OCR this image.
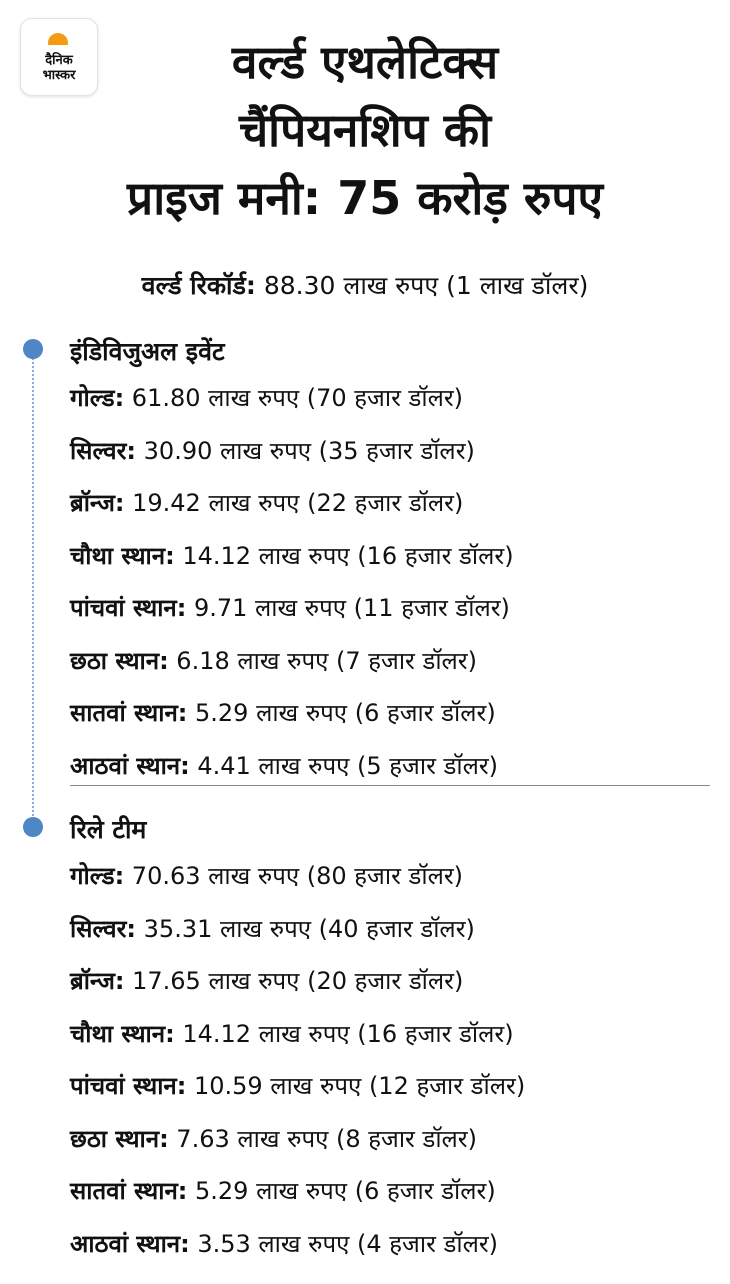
दैनिक
भास्कर	वर्ल्ड एथलेटिक्स
चैंपियनशिप की
प्राइज मनी: 75 करोड़ रुपए
वर्ल्ड रिकॉर्ड: 88.30 लाख रुपए (1 लाख डॉलर)
इंडिविजुअल इवेंट
गोल्ड: 61.80 लाख रुपए (70 हजार डॉलर)
सिल्वर: 30.90 लाख रुपए (35 हजार डॉलर)
ब्रॉन्ज: 19.42 लाख रुपए (22 हजार डॉलर)
चौथा स्थान: 14.12 लाख रुपए (16 हजार डॉलर)
पांचवां स्थान: 9.71 लाख रुपए (11 हजार डॉलर)
छठा स्थान: 6.18 लाख रुपए (7 हजार डॉलर)
सातवां स्थान: 5.29 लाख रुपए (6 हजार डॉलर)
आठवां स्थान: 4.41 लाख रुपए (5 हजार डॉलर)
रिले टीम
गोल्ड: 70.63 लाख रुपए (80 हजार डॉलर)
सिल्वर: 35.31 लाख रुपए (40 हजार डॉलर)
ब्रॉन्ज: 17.65 लाख रुपए (20 हजार डॉलर)
चौथा स्थान: 14.12 लाख रुपए (16 हजार डॉलर)
पांचवां स्थान: 10.59 लाख रुपए (12 हजार डॉलर)
छठा स्थान: 7.63 लाख रुपए (8 हजार डॉलर)
सातवां स्थान: 5.29 लाख रुपए (6 हजार डॉलर)
आठवां स्थान: 3.53 लाख रुपए (4 हजार डॉलर)
